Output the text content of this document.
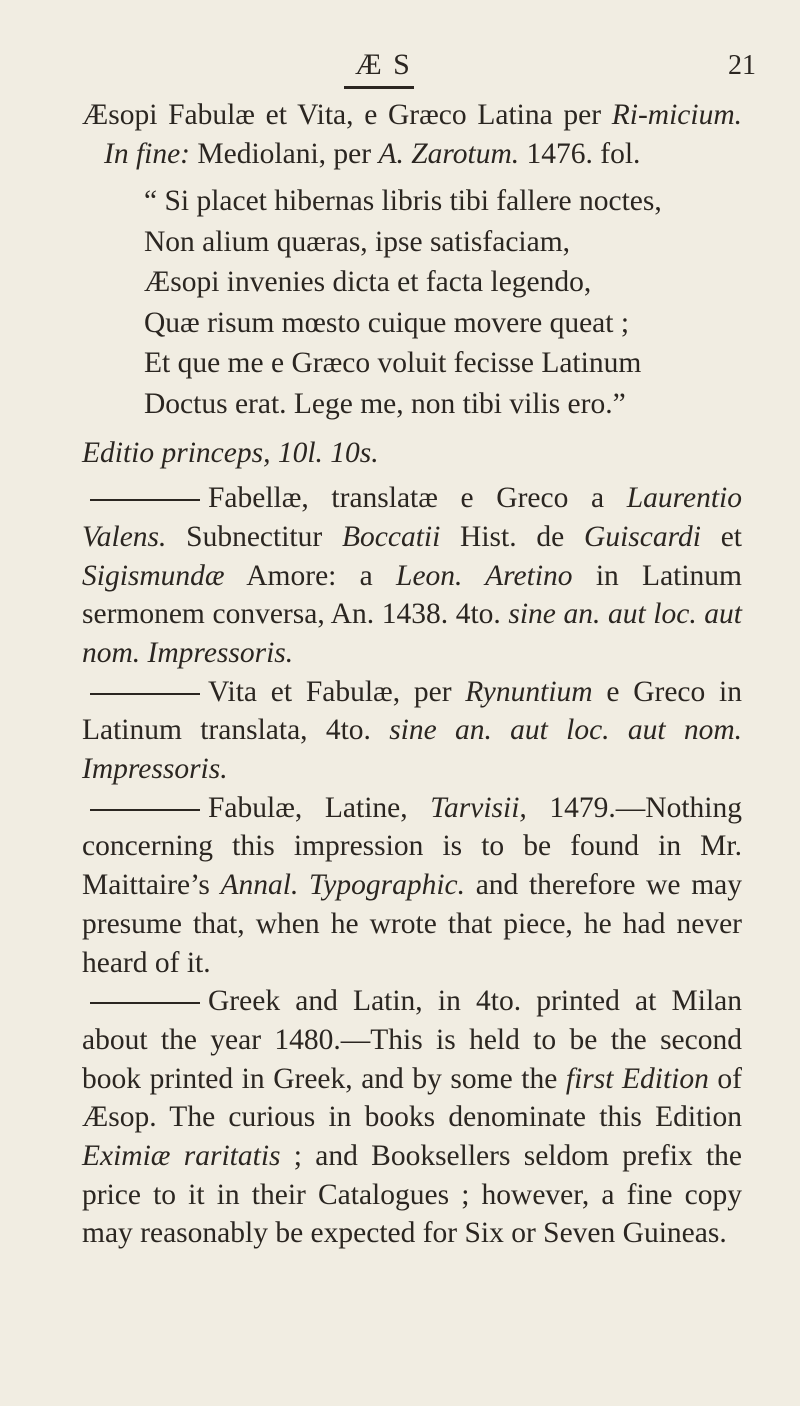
Æ S	21

Æsopi Fabulæ et Vita, e Græco Latina per Ri-micium. In fine: Mediolani, per A. Zarotum. 1476. fol.

“ Si placet hibernas libris tibi fallere noctes,
Non alium quæras, ipse satisfaciam,
Æsopi invenies dicta et facta legendo,
Quæ risum mœsto cuique movere queat ;
Et que me e Græco voluit fecisse Latinum
Doctus erat. Lege me, non tibi vilis ero.”

Editio princeps, 10l. 10s.

Fabellæ, translatæ e Greco a Laurentio Valens. Subnectitur Boccatii Hist. de Guiscardi et Sigismundæ Amore: a Leon. Aretino in Latinum sermonem conversa, An. 1438. 4to. sine an. aut loc. aut nom. Impressoris.

Vita et Fabulæ, per Rynuntium e Greco in Latinum translata, 4to. sine an. aut loc. aut nom. Impressoris.

Fabulæ, Latine, Tarvisii, 1479.—Nothing concerning this impression is to be found in Mr. Maittaire’s Annal. Typographic. and therefore we may presume that, when he wrote that piece, he had never heard of it.

Greek and Latin, in 4to. printed at Milan about the year 1480.—This is held to be the second book printed in Greek, and by some the first Edition of Æsop. The curious in books denominate this Edition Eximiæ raritatis ; and Booksellers seldom prefix the price to it in their Catalogues ; however, a fine copy may reasonably be expected for Six or Seven Guineas.
